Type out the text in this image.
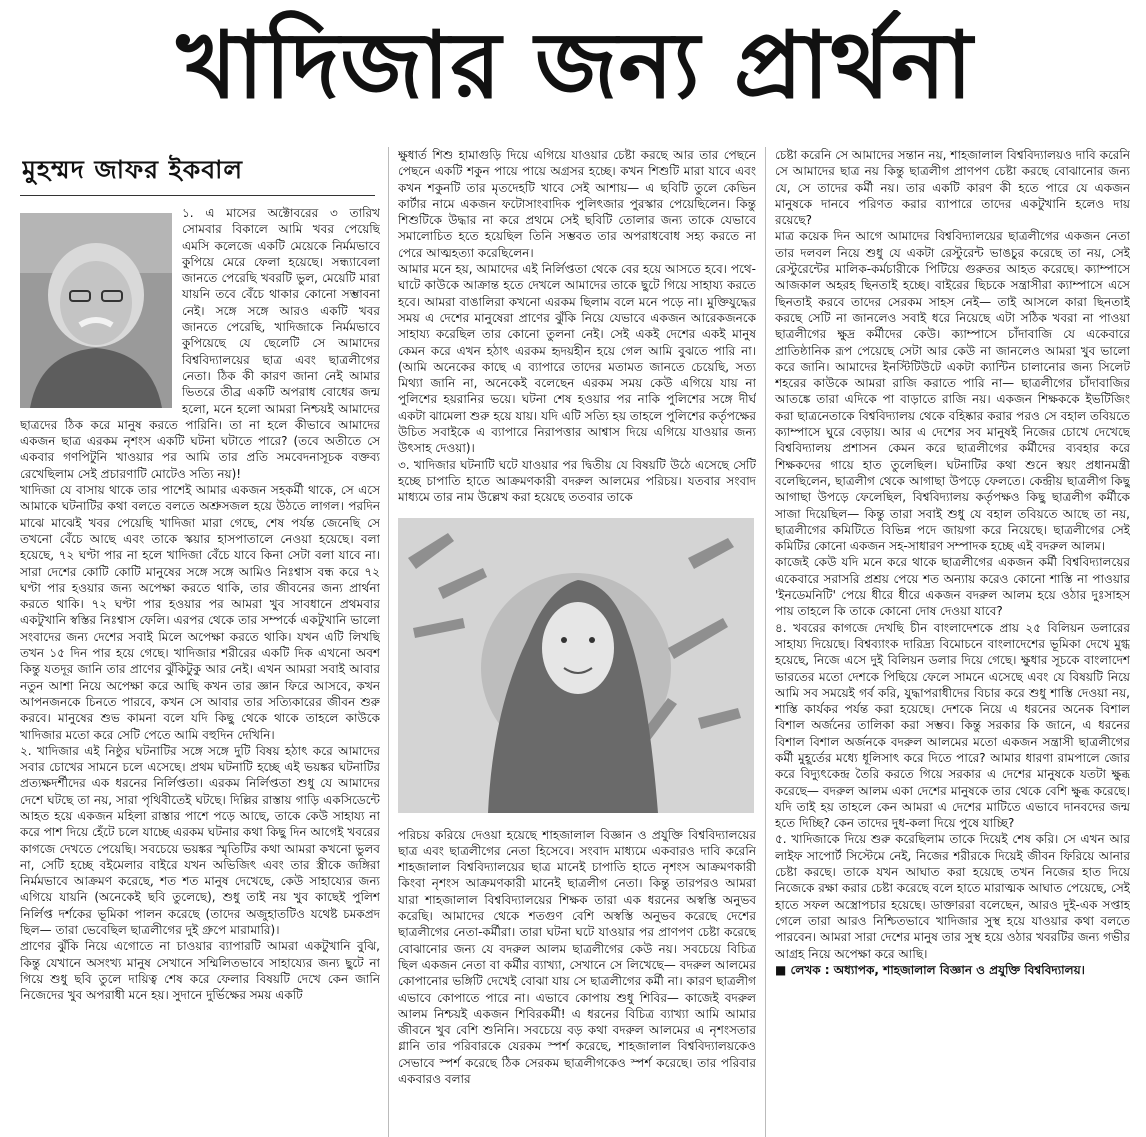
খাদিজার জন্য প্রার্থনা
মুহম্মদ জাফর ইকবাল

১. এ মাসের অক্টোবরের ৩ তারিখ সোমবার বিকালে আমি খবর পেয়েছি এমসি কলেজে একটি মেয়েকে নির্মমভাবে কুপিয়ে মেরে ফেলা হয়েছে। সন্ধ্যাবেলা জানতে পেরেছি খবরটি ভুল, মেয়েটি মারা যায়নি তবে বেঁচে থাকার কোনো সম্ভাবনা নেই। সঙ্গে সঙ্গে আরও একটি খবর জানতে পেরেছি, খাদিজাকে নির্মমভাবে কুপিয়েছে যে ছেলেটি সে আমাদের বিশ্ববিদ্যালয়ের ছাত্র এবং ছাত্রলীগের নেতা। ঠিক কী কারণ জানা নেই আমার ভিতরে তীব্র একটি অপরাধ বোধের জন্ম হলো, মনে হলো আমরা নিশ্চয়ই আমাদের ছাত্রদের ঠিক করে মানুষ করতে পারিনি। তা না হলে কীভাবে আমাদের একজন ছাত্র এরকম নৃশংস একটি ঘটনা ঘটাতে পারে? (তবে অতীতে সে একবার গণপিটুনি খাওয়ার পর আমি তার প্রতি সমবেদনাসূচক বক্তব্য রেখেছিলাম সেই প্রচারণাটি মোটেও সত্যি নয়)!

খাদিজা যে বাসায় থাকে তার পাশেই আমার একজন সহকর্মী থাকে, সে এসে আমাকে ঘটনাটির কথা বলতে বলতে অশ্রুসজল হয়ে উঠতে লাগল। পরদিন মাঝে মাঝেই খবর পেয়েছি খাদিজা মারা গেছে, শেষ পর্যন্ত জেনেছি সে তখনো বেঁচে আছে এবং তাকে স্কয়ার হাসপাতালে নেওয়া হয়েছে। বলা হয়েছে, ৭২ ঘণ্টা পার না হলে খাদিজা বেঁচে যাবে কিনা সেটা বলা যাবে না। সারা দেশের কোটি কোটি মানুষের সঙ্গে সঙ্গে আমিও নিঃশ্বাস বন্ধ করে ৭২ ঘণ্টা পার হওয়ার জন্য অপেক্ষা করতে থাকি, তার জীবনের জন্য প্রার্থনা করতে থাকি। ৭২ ঘণ্টা পার হওয়ার পর আমরা খুব সাবধানে প্রথমবার একটুখানি স্বস্তির নিঃশ্বাস ফেলি। এরপর থেকে তার সম্পর্কে একটুখানি ভালো সংবাদের জন্য দেশের সবাই মিলে অপেক্ষা করতে থাকি। যখন এটি লিখছি তখন ১৫ দিন পার হয়ে গেছে। খাদিজার শরীরের একটি দিক এখনো অবশ কিন্তু যতদূর জানি তার প্রাণের ঝুঁকিটুকু আর নেই। এখন আমরা সবাই আবার নতুন আশা নিয়ে অপেক্ষা করে আছি কখন তার জ্ঞান ফিরে আসবে, কখন আপনজনকে চিনতে পারবে, কখন সে আবার তার সত্যিকারের জীবন শুরু করবে। মানুষের শুভ কামনা বলে যদি কিছু থেকে থাকে তাহলে কাউকে খাদিজার মতো করে সেটি পেতে আমি বহুদিন দেখিনি।

২. খাদিজার এই নিষ্ঠুর ঘটনাটির সঙ্গে সঙ্গে দুটি বিষয় হঠাৎ করে আমাদের সবার চোখের সামনে চলে এসেছে। প্রথম ঘটনাটি হচ্ছে এই ভয়ঙ্কর ঘটনাটির প্রত্যক্ষদর্শীদের এক ধরনের নির্লিপ্ততা। এরকম নির্লিপ্ততা শুধু যে আমাদের দেশে ঘটছে তা নয়, সারা পৃথিবীতেই ঘটছে। দিল্লির রাস্তায় গাড়ি একসিডেন্টে আহত হয়ে একজন মহিলা রাস্তার পাশে পড়ে আছে, তাকে কেউ সাহায্য না করে পাশ দিয়ে হেঁটে চলে যাচ্ছে এরকম ঘটনার কথা কিছু দিন আগেই খবরের কাগজে দেখতে পেয়েছি। সবচেয়ে ভয়ঙ্কর স্মৃতিটির কথা আমরা কখনো ভুলব না, সেটি হচ্ছে বইমেলার বাইরে যখন অভিজিৎ এবং তার স্ত্রীকে জঙ্গিরা নির্মমভাবে আক্রমণ করেছে, শত শত মানুষ দেখেছে, কেউ সাহায্যের জন্য এগিয়ে যায়নি (অনেকেই ছবি তুলেছে), শুধু তাই নয় খুব কাছেই পুলিশ নির্লিপ্ত দর্শকের ভূমিকা পালন করেছে (তাদের অজুহাতটিও যথেষ্ট চমকপ্রদ ছিল— তারা ভেবেছিল ছাত্রলীগের দুই গ্রুপে মারামারি)।

প্রাণের ঝুঁকি নিয়ে এগোতে না চাওয়ার ব্যাপারটি আমরা একটুখানি বুঝি, কিন্তু যেখানে অসংখ্য মানুষ সেখানে সম্মিলিতভাবে সাহায্যের জন্য ছুটে না গিয়ে শুধু ছবি তুলে দায়িত্ব শেষ করে ফেলার বিষয়টি দেখে কেন জানি নিজেদের খুব অপরাধী মনে হয়। সুদানে দুর্ভিক্ষের সময় একটি

ক্ষুধার্ত শিশু হামাগুড়ি দিয়ে এগিয়ে যাওয়ার চেষ্টা করছে আর তার পেছনে পেছনে একটি শকুন পায়ে পায়ে অগ্রসর হচ্ছে। কখন শিশুটি মারা যাবে এবং কখন শকুনটি তার মৃতদেহটি খাবে সেই আশায়— এ ছবিটি তুলে কেভিন কার্টার নামে একজন ফটোসাংবাদিক পুলিৎজার পুরস্কার পেয়েছিলেন। কিন্তু শিশুটিকে উদ্ধার না করে প্রথমে সেই ছবিটি তোলার জন্য তাকে যেভাবে সমালোচিত হতে হয়েছিল তিনি সম্ভবত তার অপরাধবোধ সহ্য করতে না পেরে আত্মহত্যা করেছিলেন।

আমার মনে হয়, আমাদের এই নির্লিপ্ততা থেকে বের হয়ে আসতে হবে। পথে-ঘাটে কাউকে আক্রান্ত হতে দেখলে আমাদের তাকে ছুটে গিয়ে সাহায্য করতে হবে। আমরা বাঙালিরা কখনো এরকম ছিলাম বলে মনে পড়ে না। মুক্তিযুদ্ধের সময় এ দেশের মানুষেরা প্রাণের ঝুঁকি নিয়ে যেভাবে একজন আরেকজনকে সাহায্য করেছিল তার কোনো তুলনা নেই। সেই একই দেশের একই মানুষ কেমন করে এখন হঠাৎ এরকম হৃদয়হীন হয়ে গেল আমি বুঝতে পারি না। (আমি অনেকের কাছে এ ব্যাপারে তাদের মতামত জানতে চেয়েছি, সত্য মিথ্যা জানি না, অনেকেই বলেছেন এরকম সময় কেউ এগিয়ে যায় না পুলিশের হয়রানির ভয়ে। ঘটনা শেষ হওয়ার পর নাকি পুলিশের সঙ্গে দীর্ঘ একটা ঝামেলা শুরু হয়ে যায়। যদি এটি সত্যি হয় তাহলে পুলিশের কর্তৃপক্ষের উচিত সবাইকে এ ব্যাপারে নিরাপত্তার আশ্বাস দিয়ে এগিয়ে যাওয়ার জন্য উৎসাহ দেওয়া)।

৩. খাদিজার ঘটনাটি ঘটে যাওয়ার পর দ্বিতীয় যে বিষয়টি উঠে এসেছে সেটি হচ্ছে চাপাতি হাতে আক্রমণকারী বদরুল আলমের পরিচয়। যতবার সংবাদ মাধ্যমে তার নাম উল্লেখ করা হয়েছে ততবার তাকে

পরিচয় করিয়ে দেওয়া হয়েছে শাহজালাল বিজ্ঞান ও প্রযুক্তি বিশ্ববিদ্যালয়ের ছাত্র এবং ছাত্রলীগের নেতা হিসেবে। সংবাদ মাধ্যমে একবারও দাবি করেনি শাহজালাল বিশ্ববিদ্যালয়ের ছাত্র মানেই চাপাতি হাতে নৃশংস আক্রমণকারী কিংবা নৃশংস আক্রমণকারী মানেই ছাত্রলীগ নেতা। কিন্তু তারপরও আমরা যারা শাহজালাল বিশ্ববিদ্যালয়ের শিক্ষক তারা এক ধরনের অস্বস্তি অনুভব করেছি। আমাদের থেকে শতগুণ বেশি অস্বস্তি অনুভব করেছে দেশের ছাত্রলীগের নেতা-কর্মীরা। তারা ঘটনা ঘটে যাওয়ার পর প্রাণপণ চেষ্টা করেছে বোঝানোর জন্য যে বদরুল আলম ছাত্রলীগের কেউ নয়। সবচেয়ে বিচিত্র ছিল একজন নেতা বা কর্মীর ব্যাখ্যা, সেখানে সে লিখেছে— বদরুল আলমের কোপানোর ভঙ্গিটি দেখেই বোঝা যায় সে ছাত্রলীগের কর্মী না। কারণ ছাত্রলীগ এভাবে কোপাতে পারে না। এভাবে কোপায় শুধু শিবির— কাজেই বদরুল আলম নিশ্চয়ই একজন শিবিরকর্মী! এ ধরনের বিচিত্র ব্যাখ্যা আমি আমার জীবনে খুব বেশি শুনিনি। সবচেয়ে বড় কথা বদরুল আলমের এ নৃশংসতার গ্লানি তার পরিবারকে যেরকম স্পর্শ করেছে, শাহজালাল বিশ্ববিদ্যালয়কেও সেভাবে স্পর্শ করেছে ঠিক সেরকম ছাত্রলীগকেও স্পর্শ করেছে। তার পরিবার একবারও বলার

চেষ্টা করেনি সে আমাদের সন্তান নয়, শাহজালাল বিশ্ববিদ্যালয়ও দাবি করেনি সে আমাদের ছাত্র নয় কিন্তু ছাত্রলীগ প্রাণপণ চেষ্টা করছে বোঝানোর জন্য যে, সে তাদের কর্মী নয়। তার একটি কারণ কী হতে পারে যে একজন মানুষকে দানবে পরিণত করার ব্যাপারে তাদের একটুখানি হলেও দায় রয়েছে?

মাত্র কয়েক দিন আগে আমাদের বিশ্ববিদ্যালয়ের ছাত্রলীগের একজন নেতা তার দলবল নিয়ে শুধু যে একটা রেস্টুরেন্ট ভাঙচুর করেছে তা নয়, সেই রেস্টুরেন্টের মালিক-কর্মচারীকে পিটিয়ে গুরুতর আহত করেছে। ক্যাম্পাসে আজকাল অহরহ ছিনতাই হচ্ছে। বাইরের ছিচকে সন্ত্রাসীরা ক্যাম্পাসে এসে ছিনতাই করবে তাদের সেরকম সাহস নেই— তাই আসলে কারা ছিনতাই করছে সেটি না জানলেও সবাই ধরে নিয়েছে এটা সঠিক খবরা না পাওয়া ছাত্রলীগের ক্ষুদ্র কর্মীদের কেউ। ক্যাম্পাসে চাঁদাবাজি যে একেবারে প্রাতিষ্ঠানিক রূপ পেয়েছে সেটা আর কেউ না জানলেও আমরা খুব ভালো করে জানি। আমাদের ইনস্টিটিউটে একটা ক্যান্টিন চালানোর জন্য সিলেট শহরের কাউকে আমরা রাজি করাতে পারি না— ছাত্রলীগের চাঁদাবাজির আতঙ্কে তারা এদিকে পা বাড়াতে রাজি নয়। একজন শিক্ষককে ইভটিজিং করা ছাত্রনেতাকে বিশ্ববিদ্যালয় থেকে বহিষ্কার করার পরও সে বহাল তবিয়তে ক্যাম্পাসে ঘুরে বেড়ায়। আর এ দেশের সব মানুষই নিজের চোখে দেখেছে বিশ্ববিদ্যালয় প্রশাসন কেমন করে ছাত্রলীগের কর্মীদের ব্যবহার করে শিক্ষকদের গায়ে হাত তুলেছিল। ঘটনাটির কথা শুনে স্বয়ং প্রধানমন্ত্রী বলেছিলেন, ছাত্রলীগ থেকে আগাছা উপড়ে ফেলতে। কেন্দ্রীয় ছাত্রলীগ কিছু আগাছা উপড়ে ফেলেছিল, বিশ্ববিদ্যালয় কর্তৃপক্ষও কিছু ছাত্রলীগ কর্মীকে সাজা দিয়েছিল— কিন্তু তারা সবাই শুধু যে বহাল তবিয়তে আছে তা নয়, ছাত্রলীগের কমিটিতে বিভিন্ন পদে জায়গা করে নিয়েছে। ছাত্রলীগের সেই কমিটির কোনো একজন সহ-সাধারণ সম্পাদক হচ্ছে এই বদরুল আলম।

কাজেই কেউ যদি মনে করে থাকে ছাত্রলীগের একজন কর্মী বিশ্ববিদ্যালয়ের একেবারে সরাসরি প্রশ্রয় পেয়ে শত অন্যায় করেও কোনো শাস্তি না পাওয়ার 'ইনডেমনিটি' পেয়ে ধীরে ধীরে একজন বদরুল আলম হয়ে ওঠার দুঃসাহস পায় তাহলে কি তাকে কোনো দোষ দেওয়া যাবে?

৪. খবরের কাগজে দেখছি চীন বাংলাদেশকে প্রায় ২৫ বিলিয়ন ডলারের সাহায্য দিয়েছে। বিশ্বব্যাংক দারিদ্র্য বিমোচনে বাংলাদেশের ভূমিকা দেখে মুগ্ধ হয়েছে, নিজে এসে দুই বিলিয়ন ডলার দিয়ে গেছে। ক্ষুধার সূচকে বাংলাদেশ ভারতের মতো দেশকে পিছিয়ে ফেলে সামনে এসেছে এবং যে বিষয়টি নিয়ে আমি সব সময়েই গর্ব করি, যুদ্ধাপরাধীদের বিচার করে শুধু শাস্তি দেওয়া নয়, শাস্তি কার্যকর পর্যন্ত করা হয়েছে। দেশকে নিয়ে এ ধরনের অনেক বিশাল বিশাল অর্জনের তালিকা করা সম্ভব। কিন্তু সরকার কি জানে, এ ধরনের বিশাল বিশাল অর্জনকে বদরুল আলমের মতো একজন সন্ত্রাসী ছাত্রলীগের কর্মী মুহূর্তের মধ্যে ধূলিসাৎ করে দিতে পারে? আমার ধারণা রামপালে জোর করে বিদ্যুৎকেন্দ্র তৈরি করতে গিয়ে সরকার এ দেশের মানুষকে যতটা ক্ষুব্ধ করেছে— বদরুল আলম একা দেশের মানুষকে তার থেকে বেশি ক্ষুব্ধ করেছে। যদি তাই হয় তাহলে কেন আমরা এ দেশের মাটিতে এভাবে দানবদের জন্ম হতে দিচ্ছি? কেন তাদের দুধ-কলা দিয়ে পুষে যাচ্ছি?

৫. খাদিজাকে দিয়ে শুরু করেছিলাম তাকে দিয়েই শেষ করি। সে এখন আর লাইফ সাপোর্ট সিস্টেমে নেই, নিজের শরীরকে দিয়েই জীবন ফিরিয়ে আনার চেষ্টা করছে। তাকে যখন আঘাত করা হয়েছে তখন নিজের হাত দিয়ে নিজেকে রক্ষা করার চেষ্টা করেছে বলে হাতে মারাত্মক আঘাত পেয়েছে, সেই হাতে সফল অস্ত্রোপচার হয়েছে। ডাক্তাররা বলেছেন, আরও দুই-এক সপ্তাহ গেলে তারা আরও নিশ্চিতভাবে খাদিজার সুস্থ হয়ে যাওয়ার কথা বলতে পারবেন। আমরা সারা দেশের মানুষ তার সুস্থ হয়ে ওঠার খবরটির জন্য গভীর আগ্রহ নিয়ে অপেক্ষা করে আছি।

■ লেখক : অধ্যাপক, শাহজালাল বিজ্ঞান ও প্রযুক্তি বিশ্ববিদ্যালয়।
